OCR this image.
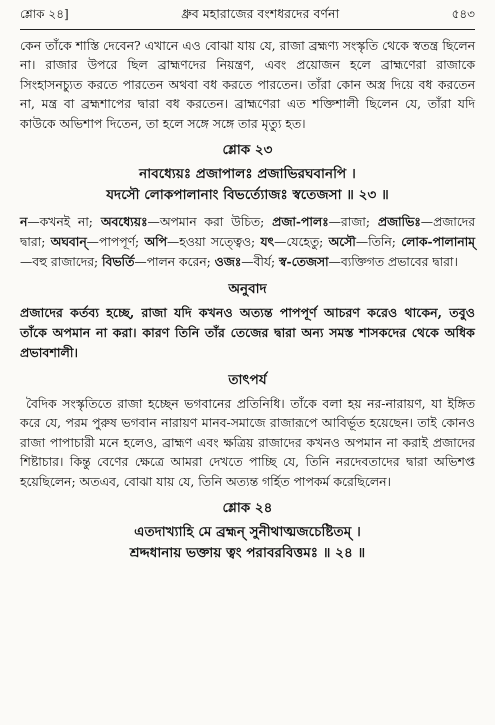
শ্লোক ২৪]	ধ্রুব মহারাজের বংশধরদের বর্ণনা	৫৪৩

কেন তাঁকে শাস্তি দেবেন? এখানে এও বোঝা যায় যে, রাজা ব্রহ্মণ্য সংস্কৃতি থেকে স্বতন্ত্র ছিলেন না। রাজার উপরে ছিল ব্রাহ্মণদের নিয়ন্ত্রণ, এবং প্রয়োজন হলে ব্রাহ্মণেরা রাজাকে সিংহাসনচ্যুত করতে পারতেন অথবা বধ করতে পারতেন। তাঁরা কোন অস্ত্র দিয়ে বধ করতেন না, মন্ত্র বা ব্রহ্মশাপের দ্বারা বধ করতেন। ব্রাহ্মণেরা এত শক্তিশালী ছিলেন যে, তাঁরা যদি কাউকে অভিশাপ দিতেন, তা হলে সঙ্গে সঙ্গে তার মৃত্যু হত।

শ্লোক ২৩
নাবধ্যেয়ঃ প্রজাপালঃ প্রজাভিরঘবানপি ।
যদসৌ লোকপালানাং বিভর্ত্যোজঃ স্বতেজসা ॥ ২৩ ॥

ন—কখনই না; অবধ্যেয়ঃ—অপমান করা উচিত; প্রজা-পালঃ—রাজা; প্রজাভিঃ—প্রজাদের দ্বারা; অঘবান্—পাপপূর্ণ; অপি—হওয়া সত্ত্বেও; যৎ—যেহেতু; অসৌ—তিনি; লোক-পালানাম্—বহু রাজাদের; বিভর্তি—পালন করেন; ওজঃ—বীর্য; স্ব-তেজসা—ব্যক্তিগত প্রভাবের দ্বারা।

অনুবাদ

প্রজাদের কর্তব্য হচ্ছে, রাজা যদি কখনও অত্যন্ত পাপপূর্ণ আচরণ করেও থাকেন, তবুও তাঁকে অপমান না করা। কারণ তিনি তাঁর তেজের দ্বারা অন্য সমস্ত শাসকদের থেকে অধিক প্রভাবশালী।

তাৎপর্য

বৈদিক সংস্কৃতিতে রাজা হচ্ছেন ভগবানের প্রতিনিধি। তাঁকে বলা হয় নর-নারায়ণ, যা ইঙ্গিত করে যে, পরম পুরুষ ভগবান নারায়ণ মানব-সমাজে রাজারূপে আবির্ভূত হয়েছেন। তাই কোনও রাজা পাপাচারী মনে হলেও, ব্রাহ্মণ এবং ক্ষত্রিয় রাজাদের কখনও অপমান না করাই প্রজাদের শিষ্টাচার। কিন্তু বেণের ক্ষেত্রে আমরা দেখতে পাচ্ছি যে, তিনি নরদেবতাদের দ্বারা অভিশপ্ত হয়েছিলেন; অতএব, বোঝা যায় যে, তিনি অত্যন্ত গর্হিত পাপকর্ম করেছিলেন।

শ্লোক ২৪
এতদাখ্যাহি মে ব্রহ্মন্ সুনীথাত্মজচেষ্টিতম্ ।
শ্রদ্দধানায় ভক্তায় ত্বং পরাবরবিত্তমঃ ॥ ২৪ ॥
